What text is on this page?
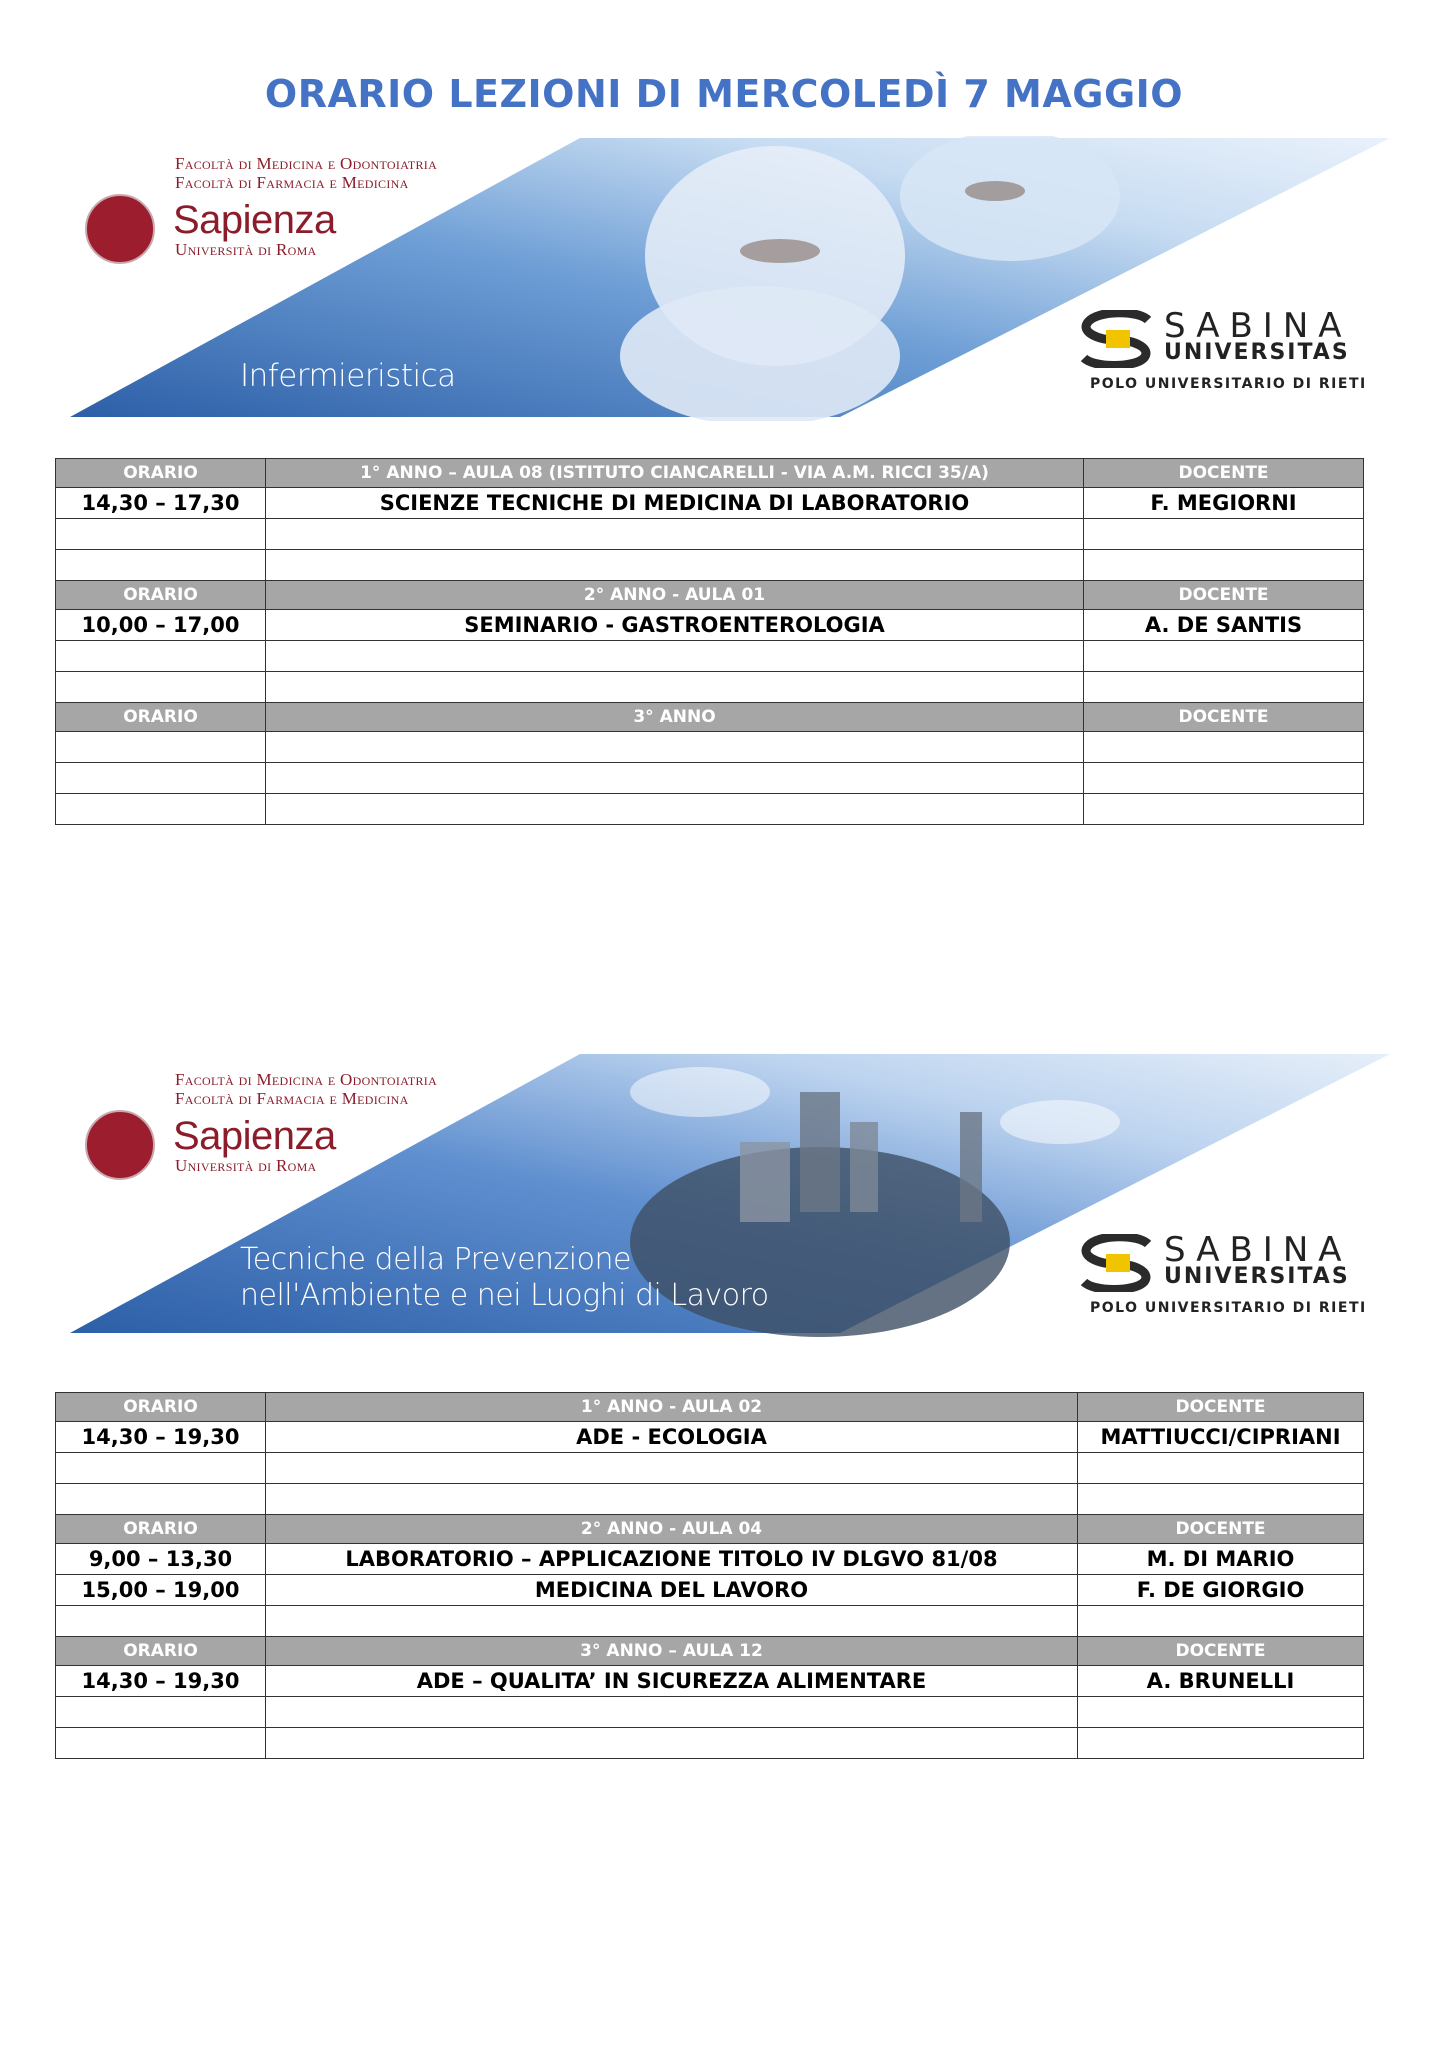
ORARIO LEZIONI DI MERCOLEDÌ 7 MAGGIO
Facoltà di Medicina e Odontoiatria
Facoltà di Farmacia e Medicina
Sapienza
Università di Roma
Infermieristica
SABINA
UNIVERSITAS
POLO UNIVERSITARIO DI RIETI
ORARIO	1° ANNO – AULA 08 (ISTITUTO CIANCARELLI - VIA A.M. RICCI 35/A)	DOCENTE
14,30 – 17,30	SCIENZE TECNICHE DI MEDICINA DI LABORATORIO	F. MEGIORNI

ORARIO	2° ANNO - AULA 01	DOCENTE
10,00 – 17,00	SEMINARIO - GASTROENTEROLOGIA	A. DE SANTIS

ORARIO	3° ANNO	DOCENTE

Facoltà di Medicina e Odontoiatria
Facoltà di Farmacia e Medicina
Sapienza
Università di Roma
Tecniche della Prevenzione
nell'Ambiente e nei Luoghi di Lavoro
SABINA
UNIVERSITAS
POLO UNIVERSITARIO DI RIETI
ORARIO	1° ANNO - AULA 02	DOCENTE
14,30 – 19,30	ADE - ECOLOGIA	MATTIUCCI/CIPRIANI

ORARIO	2° ANNO - AULA 04	DOCENTE
9,00 – 13,30	LABORATORIO – APPLICAZIONE TITOLO IV DLGVO 81/08	M. DI MARIO
15,00 – 19,00	MEDICINA DEL LAVORO	F. DE GIORGIO

ORARIO	3° ANNO – AULA 12	DOCENTE
14,30 – 19,30	ADE – QUALITA’ IN SICUREZZA ALIMENTARE	A. BRUNELLI
